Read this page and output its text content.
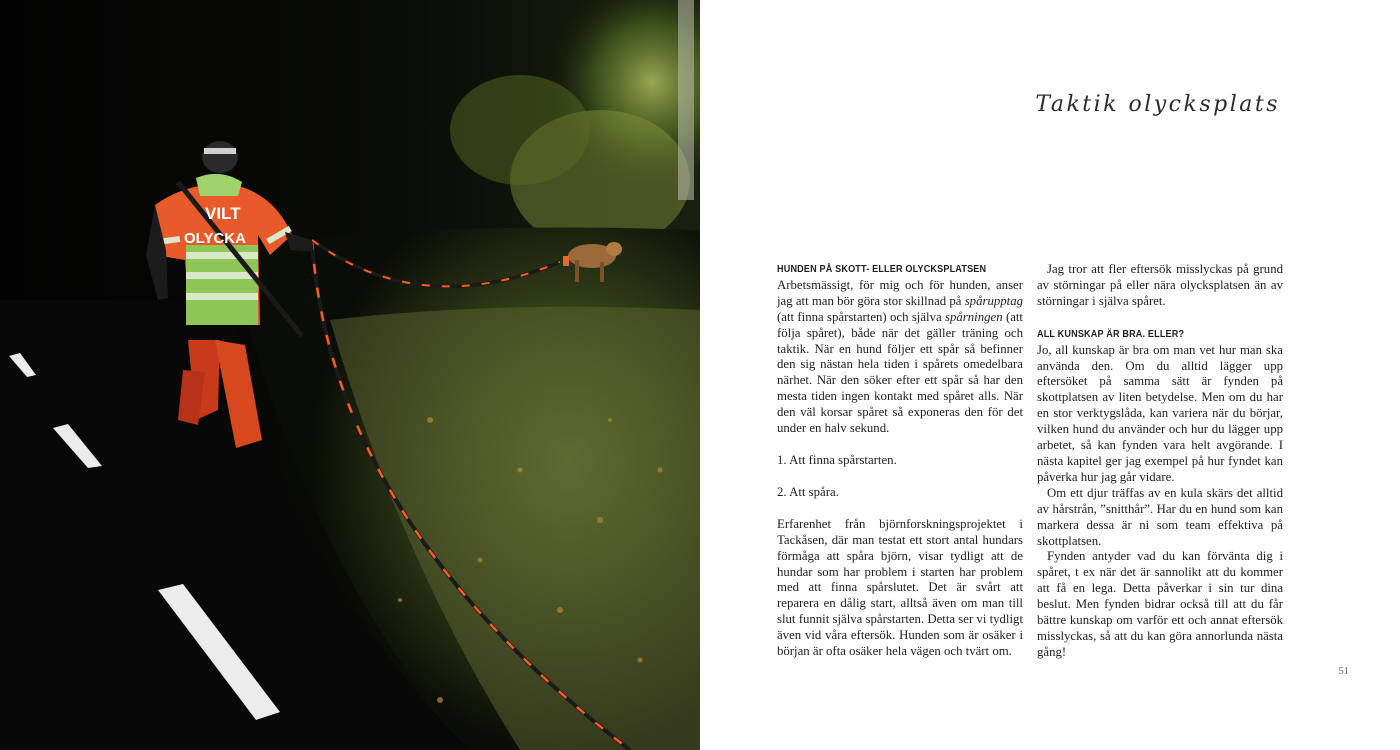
VILT
OLYCKA
Taktik olycksplats
HUNDEN PÅ SKOTT- ELLER OLYCKSPLATSEN

Arbetsmässigt, för mig och för hunden, anser jag att man bör göra stor skillnad på spårupptag (att finna spårstarten) och själva spårningen (att följa spåret), både när det gäller träning och taktik. När en hund följer ett spår så befinner den sig nästan hela tiden i spårets omedelbara närhet. När den söker efter ett spår så har den mesta tiden ingen kontakt med spåret alls. När den väl korsar spåret så exponeras den för det under en halv sekund.

1. Att finna spårstarten.

2. Att spåra.

Erfarenhet från björnforskningsprojektet i Tackåsen, där man testat ett stort antal hundars förmåga att spåra björn, visar tydligt att de hundar som har problem i starten har problem med att finna spårslutet. Det är svårt att reparera en dålig start, alltså även om man till slut funnit själva spårstarten. Detta ser vi tydligt även vid våra eftersök. Hunden som är osäker i början är ofta osäker hela vägen och tvärt om.

Jag tror att fler eftersök misslyckas på grund av störningar på eller nära olycksplatsen än av störningar i själva spåret.

ALL KUNSKAP ÄR BRA. ELLER?

Jo, all kunskap är bra om man vet hur man ska använda den. Om du alltid lägger upp eftersöket på samma sätt är fynden på skottplatsen av liten betydelse. Men om du har en stor verktygslåda, kan variera när du börjar, vilken hund du använder och hur du lägger upp arbetet, så kan fynden vara helt avgörande. I nästa kapitel ger jag exempel på hur fyndet kan påverka hur jag går vidare.

Om ett djur träffas av en kula skärs det alltid av hårstrån, ”snitthår”. Har du en hund som kan markera dessa är ni som team effektiva på skottplatsen.

Fynden antyder vad du kan förvänta dig i spåret, t ex när det är sannolikt att du kommer att få en lega. Detta påverkar i sin tur dina beslut. Men fynden bidrar också till att du får bättre kunskap om varför ett och annat eftersök misslyckas, så att du kan göra annorlunda nästa gång!

51
